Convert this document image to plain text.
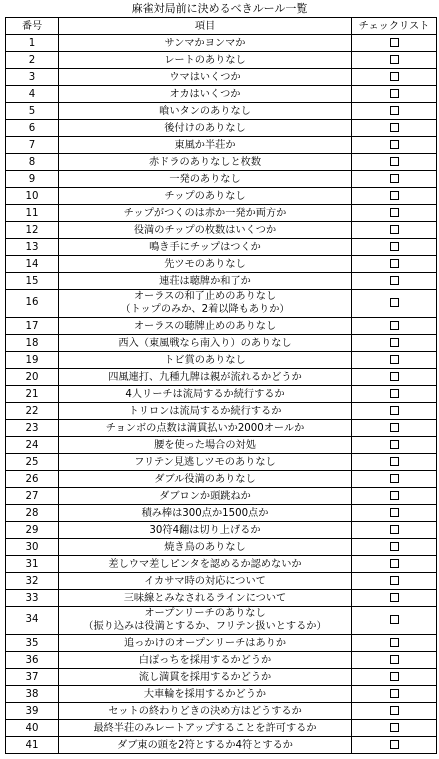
麻雀対局前に決めるべきルール一覧
番号	項目	チェックリスト
1	サンマかヨンマか	

2	レートのありなし	

3	ウマはいくつか	

4	オカはいくつか	

5	喰いタンのありなし	

6	後付けのありなし	

7	東風か半荘か	

8	赤ドラのありなしと枚数	

9	一発のありなし	

10	チップのありなし	

11	チップがつくのは赤か一発か両方か	

12	役満のチップの枚数はいくつか	

13	鳴き手にチップはつくか	

14	先ツモのありなし	

15	連荘は聴牌か和了か	

16	オーラスの和了止めのありなし
（トップのみか、2着以降もありか）	

17	オーラスの聴牌止めのありなし	

18	西入（東風戦なら南入り）のありなし	

19	トビ賞のありなし	

20	四風連打、九種九牌は親が流れるかどうか	

21	4人リーチは流局するか続行するか	

22	トリロンは流局するか続行するか	

23	チョンボの点数は満貫払いか2000オールか	

24	腰を使った場合の対処	

25	フリテン見逃しツモのありなし	

26	ダブル役満のありなし	

27	ダブロンか頭跳ねか	

28	積み棒は300点か1500点か	

29	30符4翻は切り上げるか	

30	焼き鳥のありなし	

31	差しウマ差しピンタを認めるか認めないか	

32	イカサマ時の対応について	

33	三味線とみなされるラインについて	

34	オープンリーチのありなし
（振り込みは役満とするか、フリテン扱いとするか）	

35	追っかけのオープンリーチはありか	

36	白ぽっちを採用するかどうか	

37	流し満貫を採用するかどうか	

38	大車輪を採用するかどうか	

39	セットの終わりどきの決め方はどうするか	

40	最終半荘のみレートアップすることを許可するか	

41	ダブ東の頭を2符とするか4符とするか	
